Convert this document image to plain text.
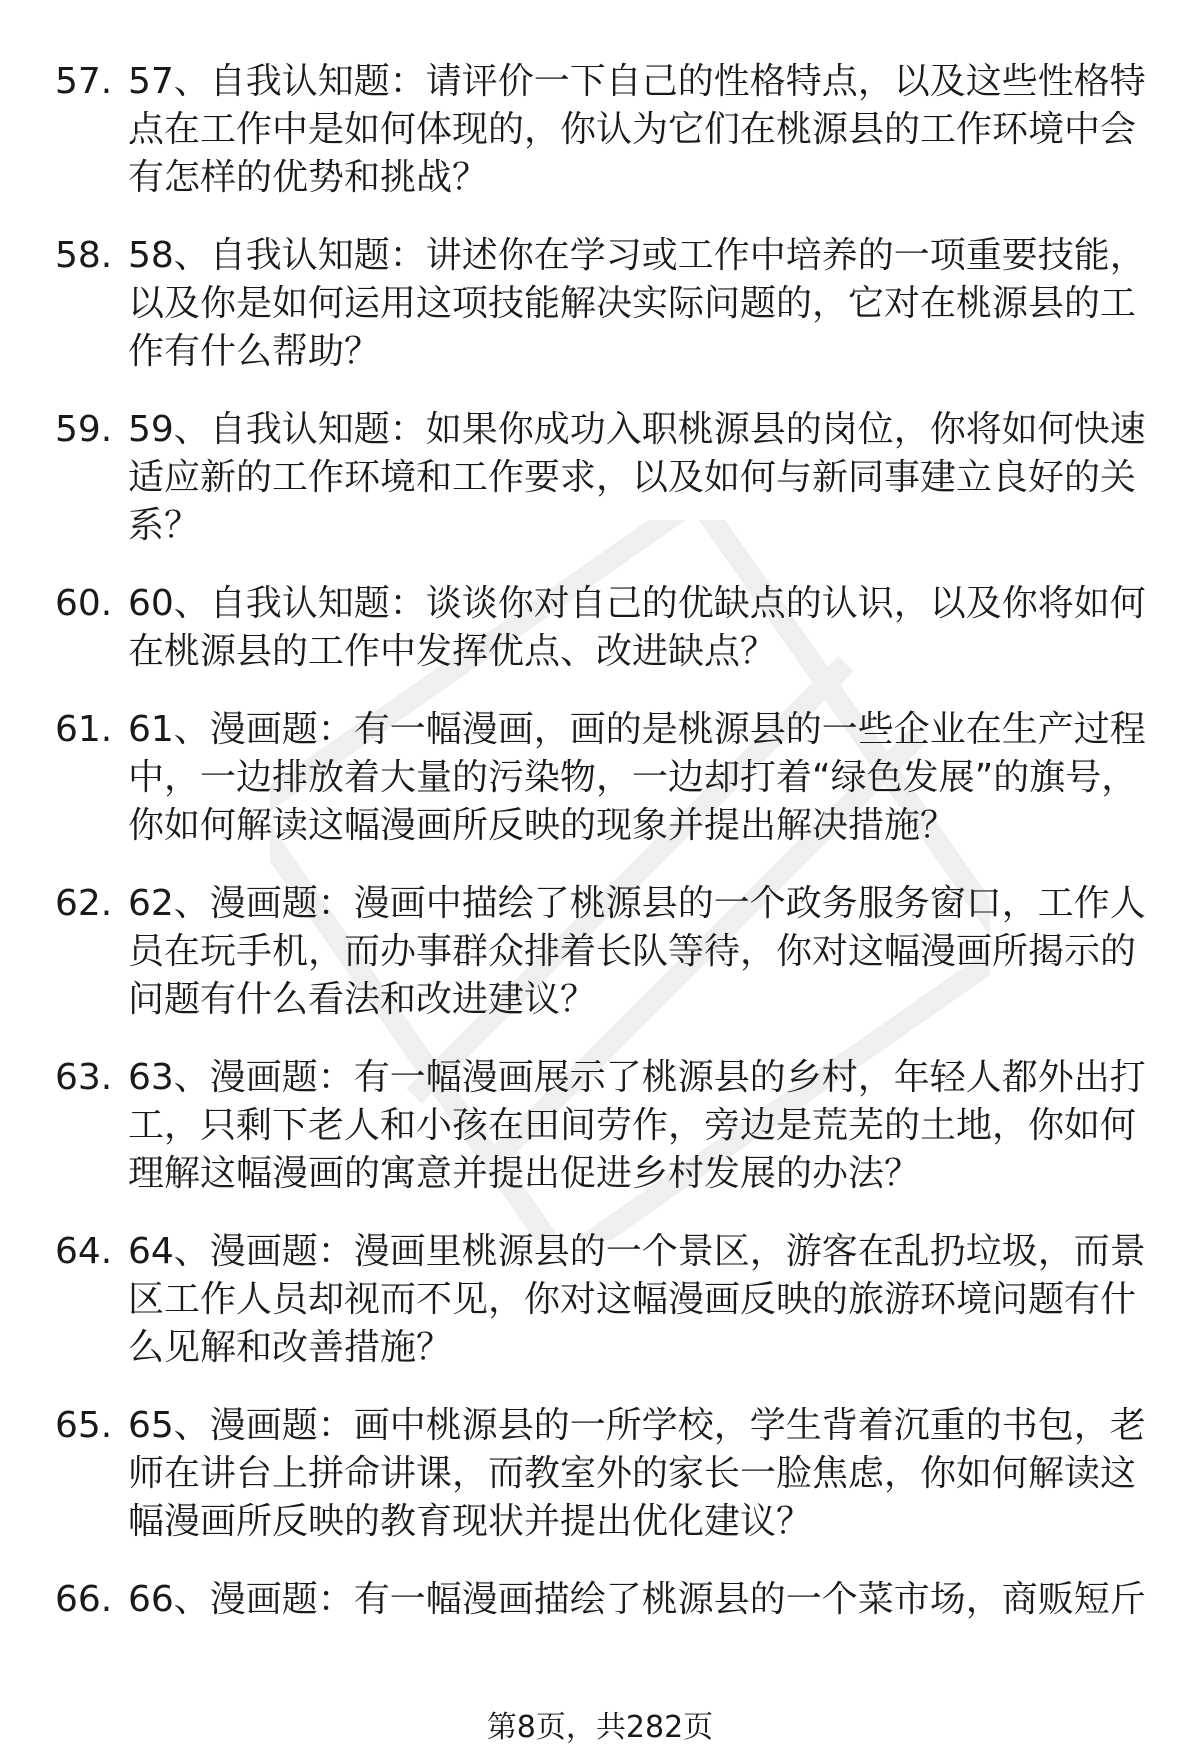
57. 57、自我认知题：请评价一下自己的性格特点，以及这些性格特点在工作中是如何体现的，你认为它们在桃源县的工作环境中会有怎样的优势和挑战？
58. 58、自我认知题：讲述你在学习或工作中培养的一项重要技能，以及你是如何运用这项技能解决实际问题的，它对在桃源县的工作有什么帮助？
59. 59、自我认知题：如果你成功入职桃源县的岗位，你将如何快速适应新的工作环境和工作要求，以及如何与新同事建立良好的关系？
60. 60、自我认知题：谈谈你对自己的优缺点的认识，以及你将如何在桃源县的工作中发挥优点、改进缺点？
61. 61、漫画题：有一幅漫画，画的是桃源县的一些企业在生产过程中，一边排放着大量的污染物，一边却打着“绿色发展”的旗号，你如何解读这幅漫画所反映的现象并提出解决措施？
62. 62、漫画题：漫画中描绘了桃源县的一个政务服务窗口，工作人员在玩手机，而办事群众排着长队等待，你对这幅漫画所揭示的问题有什么看法和改进建议？
63. 63、漫画题：有一幅漫画展示了桃源县的乡村，年轻人都外出打工，只剩下老人和小孩在田间劳作，旁边是荒芜的土地，你如何理解这幅漫画的寓意并提出促进乡村发展的办法？
64. 64、漫画题：漫画里桃源县的一个景区，游客在乱扔垃圾，而景区工作人员却视而不见，你对这幅漫画反映的旅游环境问题有什么见解和改善措施？
65. 65、漫画题：画中桃源县的一所学校，学生背着沉重的书包，老师在讲台上拼命讲课，而教室外的家长一脸焦虑，你如何解读这幅漫画所反映的教育现状并提出优化建议？
66. 66、漫画题：有一幅漫画描绘了桃源县的一个菜市场，商贩短斤
第8页，共282页
